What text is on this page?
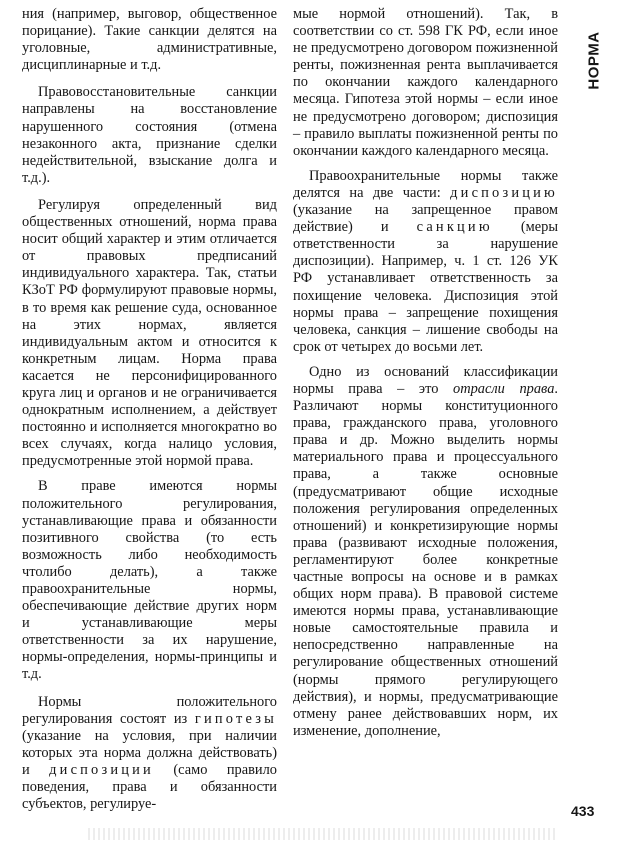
НОРМА

ния (например, выговор, общественное порицание). Такие санкции делятся на уголовные, административные, дисциплинарные и т.д.

Правовосстановительные санкции направлены на восстановление нарушенного состояния (отмена незаконного акта, признание сделки недействительной, взыскание долга и т.д.).

Регулируя определенный вид общественных отношений, норма права носит общий характер и этим отличается от правовых предписаний индивидуального характера. Так, статьи КЗоТ РФ формулируют правовые нормы, в то время как решение суда, основанное на этих нормах, является индивидуальным актом и относится к конкретным лицам. Норма права касается не персонифицированного круга лиц и органов и не ограничивается однократным исполнением, а действует постоянно и исполняется многократно во всех случаях, когда налицо условия, предусмотренные этой нормой права.

В праве имеются нормы положительного регулирования, устанавливающие права и обязанности позитивного свойства (то есть возможность либо необходимость чтолибо делать), а также правоохранительные нормы, обеспечивающие действие других норм и устанавливающие меры ответственности за их нарушение, нормы-определения, нормы-принципы и т.д.

Нормы положительного регулирования состоят из гипотезы (указание на условия, при наличии которых эта норма должна действовать) и диспозиции (само правило поведения, права и обязанности субъектов, регулируе-

мые нормой отношений). Так, в соответствии со ст. 598 ГК РФ, если иное не предусмотрено договором пожизненной ренты, пожизненная рента выплачивается по окончании каждого календарного месяца. Гипотеза этой нормы – если иное не предусмотрено договором; диспозиция – правило выплаты пожизненной ренты по окончании каждого календарного месяца.

Правоохранительные нормы также делятся на две части: диспозицию (указание на запрещенное правом действие) и санкцию (меры ответственности за нарушение диспозиции). Например, ч. 1 ст. 126 УК РФ устанавливает ответственность за похищение человека. Диспозиция этой нормы права – запрещение похищения человека, санкция – лишение свободы на срок от четырех до восьми лет.

Одно из оснований классификации нормы права – это отрасли права. Различают нормы конституционного права, гражданского права, уголовного права и др. Можно выделить нормы материального права и процессуального права, а также основные (предусматривают общие исходные положения регулирования определенных отношений) и конкретизирующие нормы права (развивают исходные положения, регламентируют более конкретные частные вопросы на основе и в рамках общих норм права). В правовой системе имеются нормы права, устанавливающие новые самостоятельные правила и непосредственно направленные на регулирование общественных отношений (нормы прямого регулирующего действия), и нормы, предусматривающие отмену ранее действовавших норм, их изменение, дополнение,

433
